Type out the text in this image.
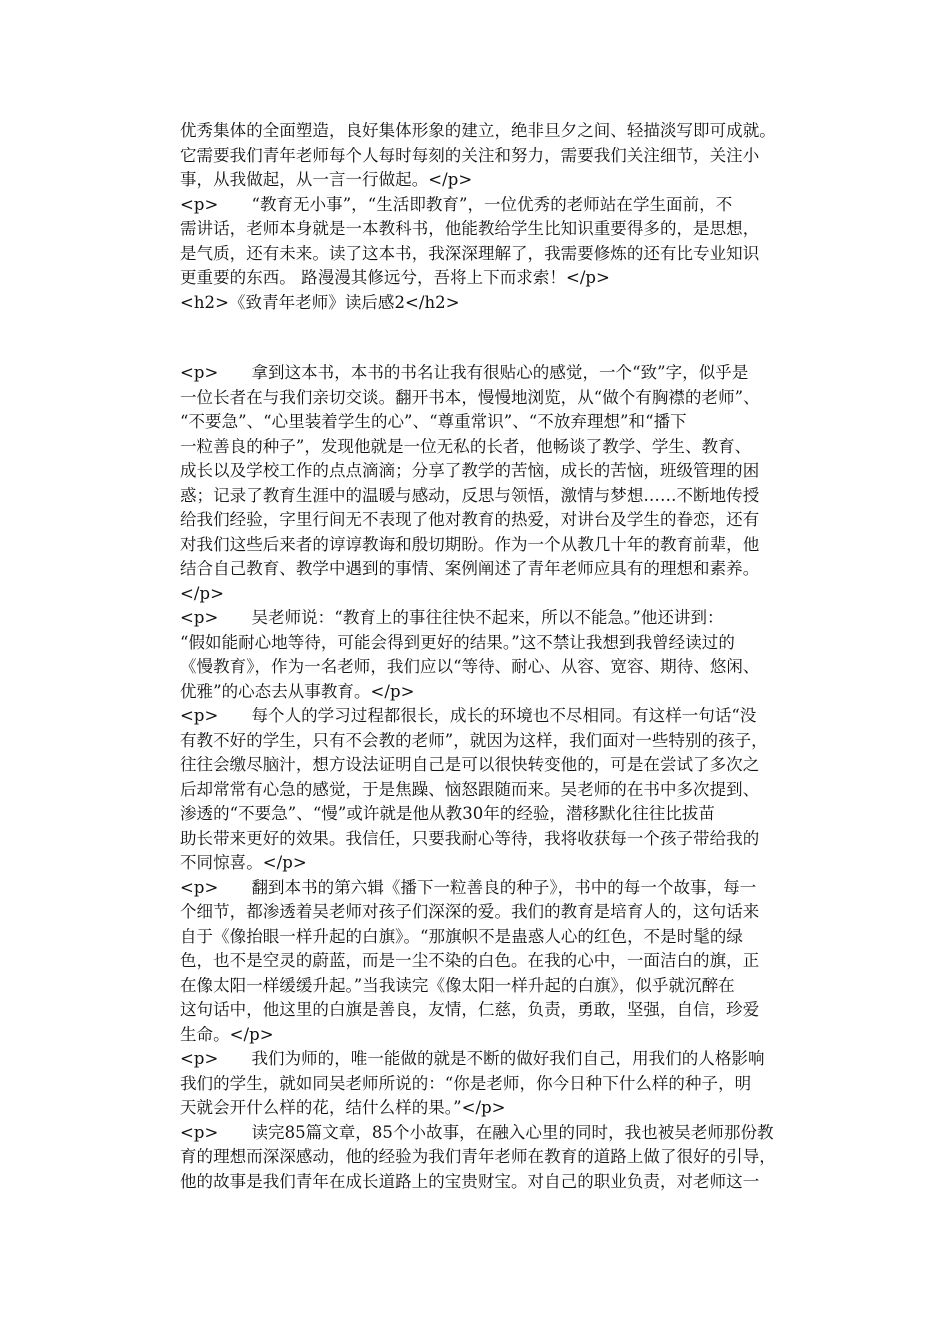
优秀集体的全面塑造，良好集体形象的建立，绝非旦夕之间、轻描淡写即可成就。
它需要我们青年老师每个人每时每刻的关注和努力，需要我们关注细节，关注小
事，从我做起，从一言一行做起。</p>
<p>　　“教育无小事”，“生活即教育”，一位优秀的老师站在学生面前，不
需讲话，老师本身就是一本教科书，他能教给学生比知识重要得多的，是思想，
是气质，还有未来。读了这本书，我深深理解了，我需要修炼的还有比专业知识
更重要的东西。 路漫漫其修远兮，吾将上下而求索！</p>
<h2>《致青年老师》读后感2</h2>
<p>　　拿到这本书，本书的书名让我有很贴心的感觉，一个“致”字，似乎是
一位长者在与我们亲切交谈。翻开书本，慢慢地浏览，从“做个有胸襟的老师”、
“不要急”、“心里装着学生的心”、“尊重常识”、“不放弃理想”和“播下
一粒善良的种子”，发现他就是一位无私的长者，他畅谈了教学、学生、教育、
成长以及学校工作的点点滴滴；分享了教学的苦恼，成长的苦恼，班级管理的困
惑；记录了教育生涯中的温暖与感动，反思与领悟，激情与梦想……不断地传授
给我们经验，字里行间无不表现了他对教育的热爱，对讲台及学生的眷恋，还有
对我们这些后来者的谆谆教诲和殷切期盼。作为一个从教几十年的教育前辈，他
结合自己教育、教学中遇到的事情、案例阐述了青年老师应具有的理想和素养。
</p>
<p>　　吴老师说：“教育上的事往往快不起来，所以不能急。”他还讲到：
“假如能耐心地等待，可能会得到更好的结果。”这不禁让我想到我曾经读过的
《慢教育》，作为一名老师，我们应以“等待、耐心、从容、宽容、期待、悠闲、
优雅”的心态去从事教育。</p>
<p>　　每个人的学习过程都很长，成长的环境也不尽相同。有这样一句话“没
有教不好的学生，只有不会教的老师”，就因为这样，我们面对一些特别的孩子，
往往会缴尽脑汁，想方设法证明自己是可以很快转变他的，可是在尝试了多次之
后却常常有心急的感觉，于是焦躁、恼怒跟随而来。吴老师的在书中多次提到、
渗透的“不要急”、“慢”或许就是他从教30年的经验，潜移默化往往比拔苗
助长带来更好的效果。我信任，只要我耐心等待，我将收获每一个孩子带给我的
不同惊喜。</p>
<p>　　翻到本书的第六辑《播下一粒善良的种子》，书中的每一个故事，每一
个细节，都渗透着吴老师对孩子们深深的爱。我们的教育是培育人的，这句话来
自于《像抬眼一样升起的白旗》。“那旗帜不是蛊惑人心的红色，不是时髦的绿
色，也不是空灵的蔚蓝，而是一尘不染的白色。在我的心中，一面洁白的旗，正
在像太阳一样缓缓升起。”当我读完《像太阳一样升起的白旗》，似乎就沉醉在
这句话中，他这里的白旗是善良，友情，仁慈，负责，勇敢，坚强，自信，珍爱
生命。</p>
<p>　　我们为师的，唯一能做的就是不断的做好我们自己，用我们的人格影响
我们的学生，就如同吴老师所说的：“你是老师，你今日种下什么样的种子，明
天就会开什么样的花，结什么样的果。”</p>
<p>　　读完85篇文章，85个小故事，在融入心里的同时，我也被吴老师那份教
育的理想而深深感动，他的经验为我们青年老师在教育的道路上做了很好的引导，
他的故事是我们青年在成长道路上的宝贵财宝。对自己的职业负责，对老师这一
